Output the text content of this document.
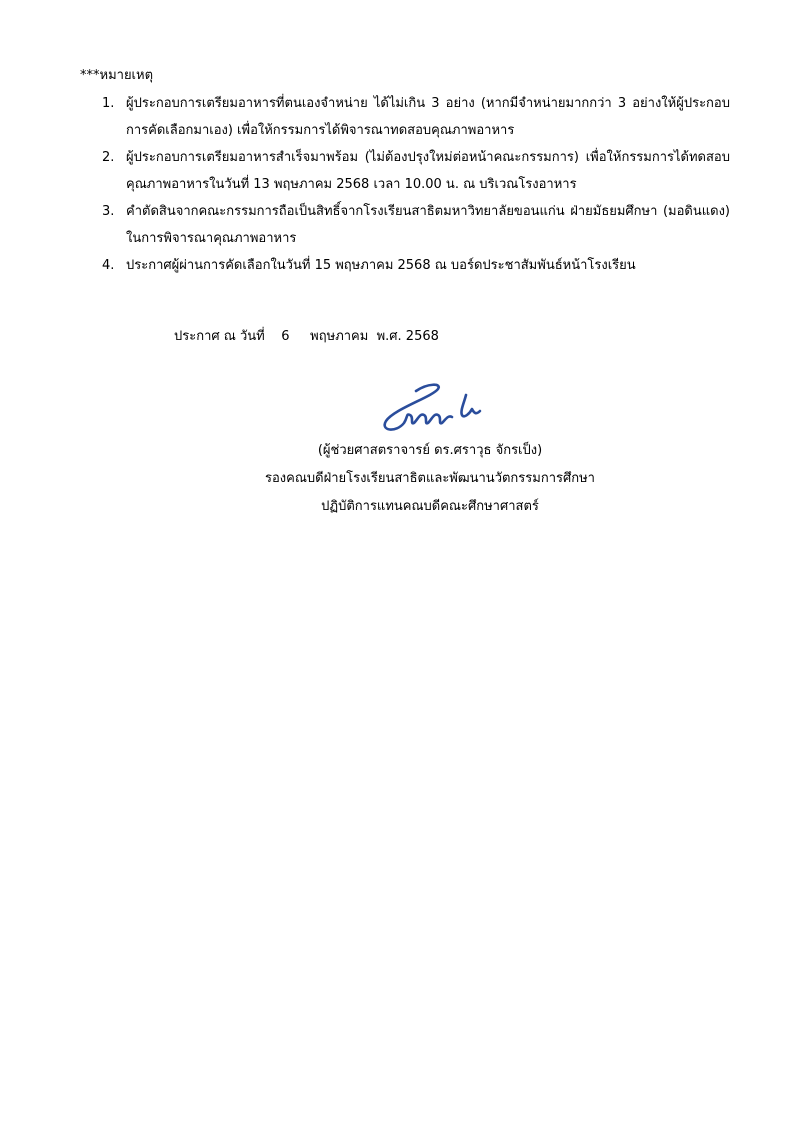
***หมายเหตุ
1. ผู้ประกอบการเตรียมอาหารที่ตนเองจำหน่าย ได้ไม่เกิน 3 อย่าง (หากมีจำหน่ายมากกว่า 3 อย่างให้ผู้ประกอบการคัดเลือกมาเอง) เพื่อให้กรรมการได้พิจารณาทดสอบคุณภาพอาหาร
2. ผู้ประกอบการเตรียมอาหารสำเร็จมาพร้อม (ไม่ต้องปรุงใหม่ต่อหน้าคณะกรรมการ) เพื่อให้กรรมการได้ทดสอบคุณภาพอาหารในวันที่ 13 พฤษภาคม 2568 เวลา 10.00 น. ณ บริเวณโรงอาหาร
3. คำตัดสินจากคณะกรรมการถือเป็นสิทธิ์จากโรงเรียนสาธิตมหาวิทยาลัยขอนแก่น ฝ่ายมัธยมศึกษา (มอดินแดง) ในการพิจารณาคุณภาพอาหาร
4. ประกาศผู้ผ่านการคัดเลือกในวันที่ 15 พฤษภาคม 2568 ณ บอร์ดประชาสัมพันธ์หน้าโรงเรียน
ประกาศ ณ วันที่    6     พฤษภาคม  พ.ศ. 2568
(ผู้ช่วยศาสตราจารย์ ดร.ศราวุธ จักรเป็ง)
รองคณบดีฝ่ายโรงเรียนสาธิตและพัฒนานวัตกรรมการศึกษา
ปฏิบัติการแทนคณบดีคณะศึกษาศาสตร์
